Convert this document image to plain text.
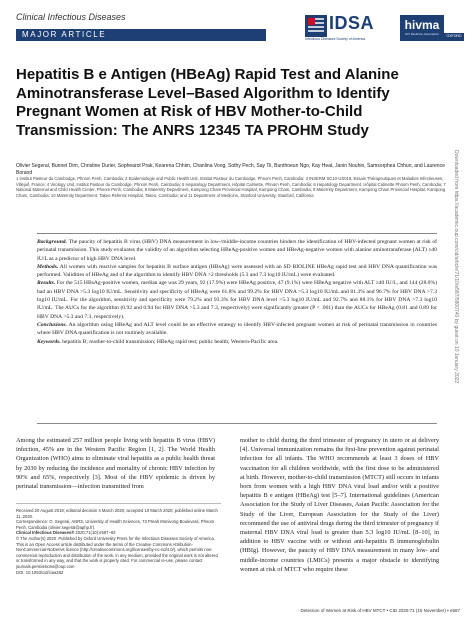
Clinical Infectious Diseases
MAJOR ARTICLE
IDSA
Infectious Diseases Society of America
hivma
HIV Medicine Association	OXFORD
Hepatitis B e Antigen (HBeAg) Rapid Test and Alanine Aminotransferase Level–Based Algorithm to Identify Pregnant Women at Risk of HBV Mother-to-Child Transmission: The ANRS 12345 TA PROHM Study
Olivier Segeral, Bunnet Dim, Christine Durier, Sophearot Prak, Kearena Chhim, Chanlina Vong, Sothy Pech, Say Tii, Bunthoeun Ngo, Kay Heat, Janin Nouhin, Samsorphea Chhun, and Laurence Borand
1 Institut Pasteur du Cambodge, Phnom Penh, Cambodia; 2 Epidemiologie and Public Health Unit, Institut Pasteur du Cambodge, Phnom Penh, Cambodia; 3 INSERM SC10-US019, Essais Thérapeutiques et Maladies Infectieuses, Villejuif, France; 4 Virology Unit, Institut Pasteur du Cambodge, Phnom Penh, Cambodia; 5 Hepatology Department, Hôpital Calmette, Phnom Penh, Cambodia; 6 Hepatology Department, Hôpital Calmette Phnom Penh, Cambodia; 7 National Maternal and Child Health Center, Phnom Penh, Cambodia; 8 Maternity Department, Kampong Cham Provincial Hospital, Kampong Cham, Cambodia; 9 Maternity Department, Kampong Cham Provincial Hospital, Kampong Cham, Cambodia; 10 Maternity Department, Takeo Referral Hospital, Takeo, Cambodia; and 11 Department of Medicine, Stanford University, Stanford, California

Background. The paucity of hepatitis B virus (HBV) DNA measurement in low-/middle-income countries hinders the identification of HBV-infected pregnant women at risk of perinatal transmission. This study evaluates the validity of an algorithm selecting HBeAg-positive women and HBeAg-negative women with alanine aminotransferase (ALT) ≥40 IU/L as a predictor of high HBV DNA level.

Methods. All women with reactive samples for hepatitis B surface antigen (HBsAg) were assessed with an SD BIOLINE HBeAg rapid test and HBV DNA quantification was performed. Validities of HBeAg and of the algorithm to identify HBV DNA >2 thresholds (5.3 and 7.3 log10 IU/mL) were evaluated.

Results. For the 515 HBsAg-positive women, median age was 29 years, 92 (17.9%) were HBeAg positive, 47 (9.1%) were HBeAg negative with ALT ≥40 IU/L, and 144 (28.0%) had an HBV DNA >5.3 log10 IU/mL. Sensitivity and specificity of HBeAg were 61.8% and 99.2% for HBV DNA >5.3 log10 IU/mL and 81.3% and 96.7% for HBV DNA >7.3 log10 IU/mL. For the algorithm, sensitivity and specificity were 79.2% and 93.3% for HBV DNA level >5.3 log10 IU/mL and 92.7% and 88.1% for HBV DNA >7.3 log10 IU/mL. The AUCs for the algorithm (0.92 and 0.94 for HBV DNA >5.3 and 7.3, respectively) were significantly greater (P < .001) than the AUCs for HBeAg (0.81 and 0.89 for HBV DNA >5.3 and 7.3, respectively).

Conclusions. An algorithm using HBeAg and ALT level could be an effective strategy to identify HBV-infected pregnant women at risk of perinatal transmission in countries where HBV DNA quantification is not routinely available.

Keywords. hepatitis B; mother-to-child transmission; HBeAg rapid test; public health; Western-Pacific area.

Among the estimated 257 million people living with hepatitis B virus (HBV) infection, 45% are in the Western Pacific Region [1, 2]. The World Health Organization (WHO) aims to eliminate viral hepatitis as a public health threat by 2030 by reducing the incidence and mortality of chronic HBV infection by 90% and 65%, respectively [3]. Most of the HBV epidemic is driven by perinatal transmission—infection transmitted from
mother to child during the third trimester of pregnancy in utero or at delivery [4]. Universal immunization remains the first-line prevention against perinatal infection for all infants. The WHO recommends at least 3 doses of HBV vaccination for all children worldwide, with the first dose to be administered at birth. However, mother-to-child transmission (MTCT) still occurs in infants born from women with a high HBV DNA viral load and/or with a positive hepatitis B e antigen (HBeAg) test [5–7]. International guidelines (American Association for the Study of Liver Diseases, Asian Pacific Association for the Study of the Liver, European Association for the Study of the Liver) recommend the use of antiviral drugs during the third trimester of pregnancy if maternal HBV DNA viral load is greater than 5.3 log10 IU/mL [8–10], in addition to HBV vaccine with or without anti-hepatitis B immunoglobulin (HBIg). However, the paucity of HBV DNA measurement in many low- and middle-income countries (LMICs) presents a major obstacle to identifying women at risk of MTCT who require these
Received 20 August 2019; editorial decision 4 March 2020; accepted 10 March 2020; published online March 11, 2020.
Correspondence: O. Segeral, ANRS, University of Health Sciences, 73 Preah Monivong Boulevard, Phnom Penh, Cambodia (olivier.segeral@aphp.fr).
Clinical Infectious Diseases® 2020;71(10):e587–93
© The Author(s) 2020. Published by Oxford University Press for the Infectious Diseases Society of America. This is an Open Access article distributed under the terms of the Creative Commons Attribution-NonCommercial-NoDerivs licence (http://creativecommons.org/licenses/by-nc-nd/4.0/), which permits non-commercial reproduction and distribution of the work, in any medium, provided the original work is not altered or transformed in any way, and that the work is properly cited. For commercial re-use, please contact journals.permissions@oup.com
DOI: 10.1093/cid/ciaa282
Downloaded from https://academic.oup.com/cid/article/71/10/e587/5800740 by guest on 10 January 2022
Detection of Women at Risk of HBV MTCT • CID 2020:71 (15 November) • e587
